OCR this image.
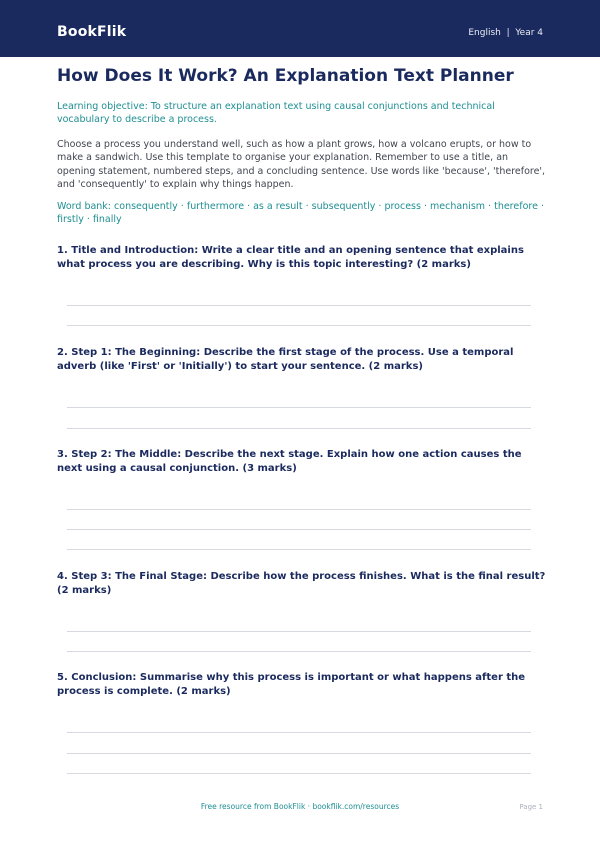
BookFlik	English  |  Year 4
How Does It Work? An Explanation Text Planner
Learning objective: To structure an explanation text using causal conjunctions and technical vocabulary to describe a process.
Choose a process you understand well, such as how a plant grows, how a volcano erupts, or how to make a sandwich. Use this template to organise your explanation. Remember to use a title, an opening statement, numbered steps, and a concluding sentence. Use words like 'because', 'therefore', and 'consequently' to explain why things happen.
Word bank: consequently · furthermore · as a result · subsequently · process · mechanism · therefore · firstly · finally
1. Title and Introduction: Write a clear title and an opening sentence that explains what process you are describing. Why is this topic interesting? (2 marks)
2. Step 1: The Beginning: Describe the first stage of the process. Use a temporal adverb (like 'First' or 'Initially') to start your sentence. (2 marks)
3. Step 2: The Middle: Describe the next stage. Explain how one action causes the next using a causal conjunction. (3 marks)
4. Step 3: The Final Stage: Describe how the process finishes. What is the final result? (2 marks)
5. Conclusion: Summarise why this process is important or what happens after the process is complete. (2 marks)
Free resource from BookFlik · bookflik.com/resources	Page 1
